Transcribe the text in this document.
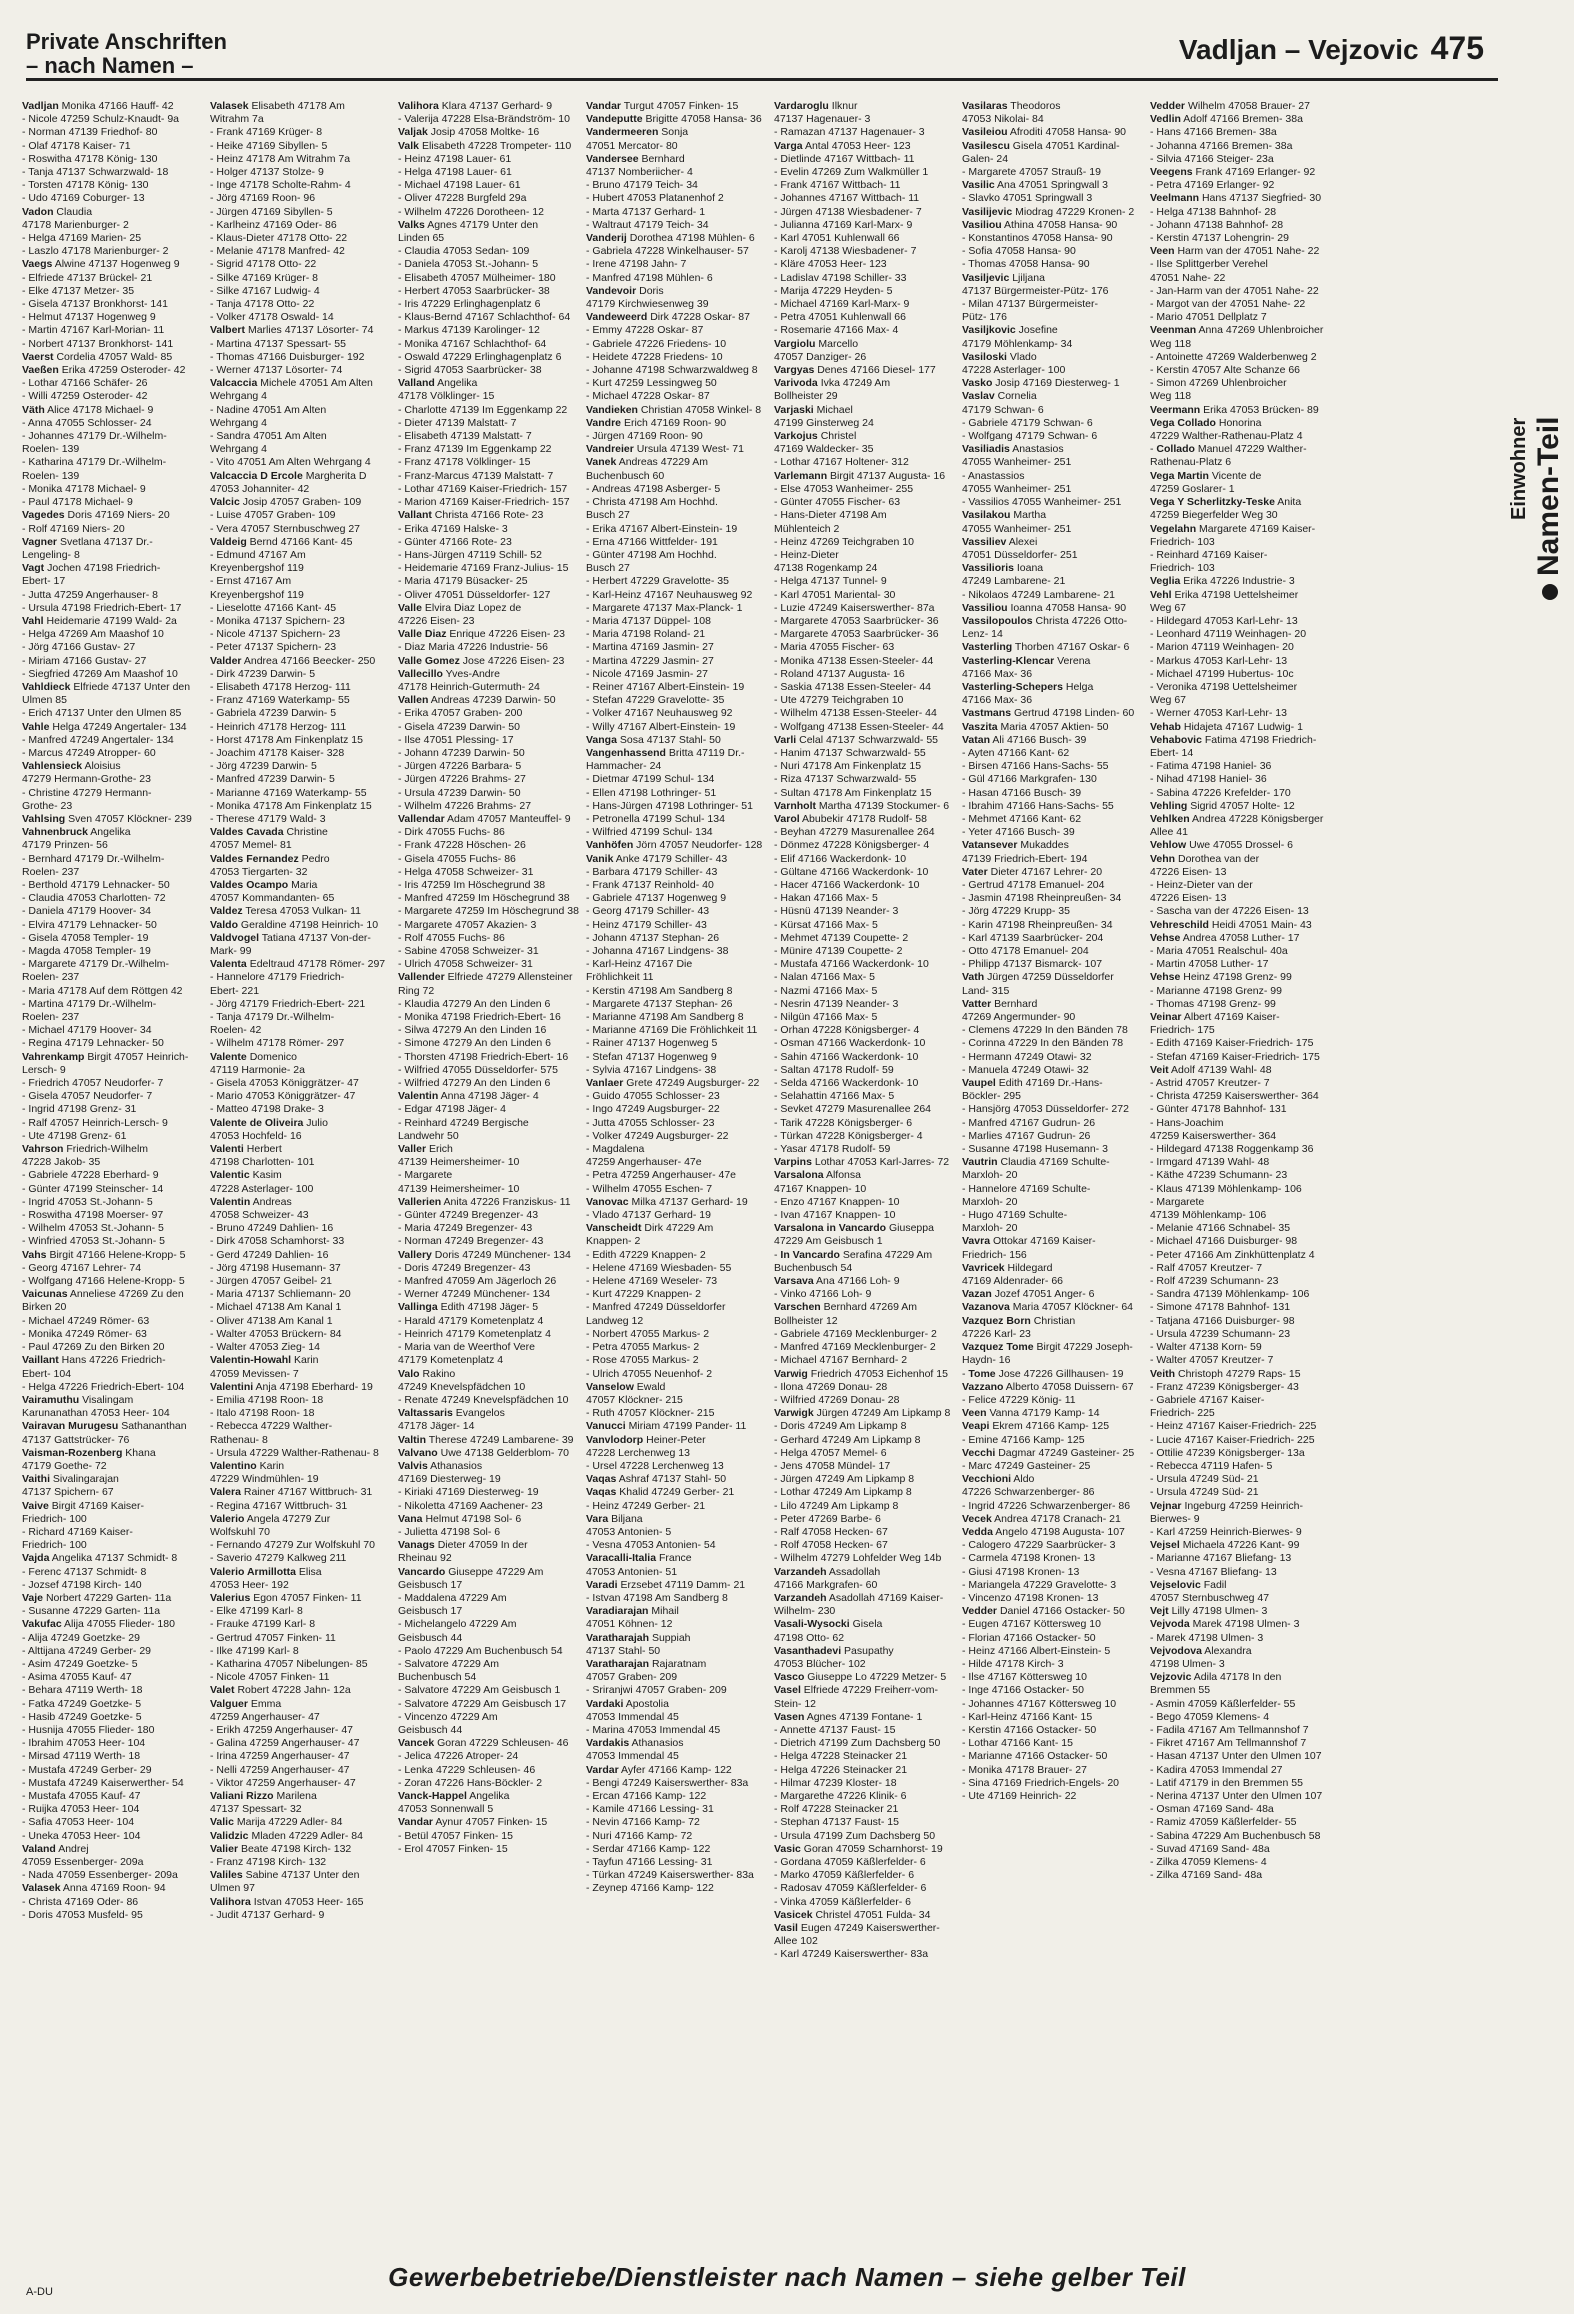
Private Anschriften
– nach Namen –
Vadljan – Vejzovic 475
Einwohner Namen-Teil
Vadljan Monika 47166 Hauff- 42
- Nicole 47259 Schulz-Knaudt- 9a
- Norman 47139 Friedhof- 80
- Olaf 47178 Kaiser- 71
- Roswitha 47178 König- 130
- Tanja 47137 Schwarzwald- 18
- Torsten 47178 König- 130
- Udo 47169 Coburger- 13
Vadon Claudia
47178 Marienburger- 2
- Helga 47169 Marien- 25
- Laszlo 47178 Marienburger- 2
Vaegs Alwine 47137 Hogenweg 9
- Elfriede 47137 Brückel- 21
- Elke 47137 Metzer- 35
- Gisela 47137 Bronkhorst- 141
- Helmut 47137 Hogenweg 9
- Martin 47167 Karl-Morian- 11
- Norbert 47137 Bronkhorst- 141
Vaerst Cordelia 47057 Wald- 85
Vaeßen Erika 47259 Osteroder- 42
- Lothar 47166 Schäfer- 26
- Willi 47259 Osteroder- 42
Väth Alice 47178 Michael- 9
- Anna 47055 Schlosser- 24
- Johannes 47179 Dr.-Wilhelm-
Roelen- 139
- Katharina 47179 Dr.-Wilhelm-
Roelen- 139
- Monika 47178 Michael- 9
- Paul 47178 Michael- 9
Vagedes Doris 47169 Niers- 20
- Rolf 47169 Niers- 20
Vagner Svetlana 47137 Dr.-
Lengeling- 8
Vagt Jochen 47198 Friedrich-
Ebert- 17
- Jutta 47259 Angerhauser- 8
- Ursula 47198 Friedrich-Ebert- 17
Vahl Heidemarie 47199 Wald- 2a
- Helga 47269 Am Maashof 10
- Jörg 47166 Gustav- 27
- Miriam 47166 Gustav- 27
- Siegfried 47269 Am Maashof 10
Vahldieck Elfriede 47137 Unter den
Ulmen 85
- Erich 47137 Unter den Ulmen 85
Vahle Helga 47249 Angertaler- 134
- Manfred 47249 Angertaler- 134
- Marcus 47249 Atropper- 60
Vahlensieck Aloisius
47279 Hermann-Grothe- 23
- Christine 47279 Hermann-
Grothe- 23
Vahlsing Sven 47057 Klöckner- 239
Vahnenbruck Angelika
47179 Prinzen- 56
- Bernhard 47179 Dr.-Wilhelm-
Roelen- 237
- Berthold 47179 Lehnacker- 50
- Claudia 47053 Charlotten- 72
- Daniela 47179 Hoover- 34
- Elvira 47179 Lehnacker- 50
- Gisela 47058 Templer- 19
- Magda 47058 Templer- 19
- Margarete 47179 Dr.-Wilhelm-
Roelen- 237
- Maria 47178 Auf dem Röttgen 42
- Martina 47179 Dr.-Wilhelm-
Roelen- 237
- Michael 47179 Hoover- 34
- Regina 47179 Lehnacker- 50
Vahrenkamp Birgit 47057 Heinrich-
Lersch- 9
- Friedrich 47057 Neudorfer- 7
- Gisela 47057 Neudorfer- 7
- Ingrid 47198 Grenz- 31
- Ralf 47057 Heinrich-Lersch- 9
- Ute 47198 Grenz- 61
Vahrson Friedrich-Wilhelm
47228 Jakob- 35
- Gabriele 47228 Eberhard- 9
- Günter 47199 Steinscher- 14
- Ingrid 47053 St.-Johann- 5
- Roswitha 47198 Moerser- 97
- Wilhelm 47053 St.-Johann- 5
- Winfried 47053 St.-Johann- 5
Vahs Birgit 47166 Helene-Kropp- 5
- Georg 47167 Lehrer- 74
- Wolfgang 47166 Helene-Kropp- 5
Vaicunas Anneliese 47269 Zu den
Birken 20
- Michael 47249 Römer- 63
- Monika 47249 Römer- 63
- Paul 47269 Zu den Birken 20
Vaillant Hans 47226 Friedrich-
Ebert- 104
- Helga 47226 Friedrich-Ebert- 104
Vairamuthu Visalingam
Karunanathan 47053 Heer- 104
Vairavan Murugesu Sathananthan
47137 Gattstrücker- 76
Vaisman-Rozenberg Khana
47179 Goethe- 72
Vaithi Sivalingarajan
47137 Spichern- 67
Vaive Birgit 47169 Kaiser-
Friedrich- 100
- Richard 47169 Kaiser-
Friedrich- 100
Vajda Angelika 47137 Schmidt- 8
- Ferenc 47137 Schmidt- 8
- Jozsef 47198 Kirch- 140
Vaje Norbert 47229 Garten- 11a
- Susanne 47229 Garten- 11a
Vakufac Alija 47055 Flieder- 180
- Alija 47249 Goetzke- 29
- Alttijana 47249 Gerber- 29
- Asim 47249 Goetzke- 5
- Asima 47055 Kauf- 47
- Behara 47119 Werth- 18
- Fatka 47249 Goetzke- 5
- Hasib 47249 Goetzke- 5
- Husnija 47055 Flieder- 180
- Ibrahim 47053 Heer- 104
- Mirsad 47119 Werth- 18
- Mustafa 47249 Gerber- 29
- Mustafa 47249 Kaiserwerther- 54
- Mustafa 47055 Kauf- 47
- Ruijka 47053 Heer- 104
- Safia 47053 Heer- 104
- Uneka 47053 Heer- 104
Valand Andrej
47059 Essenberger- 209a
- Nada 47059 Essenberger- 209a
Valasek Anna 47169 Roon- 94
- Christa 47169 Oder- 86
- Doris 47053 Musfeld- 95
Valasek Elisabeth 47178 Am
Witrahm 7a
- Frank 47169 Krüger- 8
- Heike 47169 Sibyllen- 5
- Heinz 47178 Am Witrahm 7a
- Holger 47137 Stolze- 9
- Inge 47178 Scholte-Rahm- 4
- Jörg 47169 Roon- 96
- Jürgen 47169 Sibyllen- 5
- Karlheinz 47169 Oder- 86
- Klaus-Dieter 47178 Otto- 22
- Melanie 47178 Manfred- 42
- Sigrid 47178 Otto- 22
- Silke 47169 Krüger- 8
- Silke 47167 Ludwig- 4
- Tanja 47178 Otto- 22
- Volker 47178 Oswald- 14
Valbert Marlies 47137 Lösorter- 74
- Martina 47137 Spessart- 55
- Thomas 47166 Duisburger- 192
- Werner 47137 Lösorter- 74
Valcaccia Michele 47051 Am Alten
Wehrgang 4
- Nadine 47051 Am Alten
Wehrgang 4
- Sandra 47051 Am Alten
Wehrgang 4
- Vito 47051 Am Alten Wehrgang 4
Valcaccia D Ercole Margherita D
47053 Johanniter- 42
Valcic Josip 47057 Graben- 109
- Luise 47057 Graben- 109
- Vera 47057 Sternbuschweg 27
Valdeig Bernd 47166 Kant- 45
- Edmund 47167 Am
Kreyenbergshof 119
- Ernst 47167 Am
Kreyenbergshof 119
- Lieselotte 47166 Kant- 45
- Monika 47137 Spichern- 23
- Nicole 47137 Spichern- 23
- Peter 47137 Spichern- 23
Valder Andrea 47166 Beecker- 250
- Dirk 47239 Darwin- 5
- Elisabeth 47178 Herzog- 111
- Franz 47169 Waterkamp- 55
- Gabriela 47239 Darwin- 5
- Heinrich 47178 Herzog- 111
- Horst 47178 Am Finkenplatz 15
- Joachim 47178 Kaiser- 328
- Jörg 47239 Darwin- 5
- Manfred 47239 Darwin- 5
- Marianne 47169 Waterkamp- 55
- Monika 47178 Am Finkenplatz 15
- Therese 47179 Wald- 3
Valdes Cavada Christine
47057 Memel- 81
Valdes Fernandez Pedro
47053 Tiergarten- 32
Valdes Ocampo Maria
47057 Kommandanten- 65
Valdez Teresa 47053 Vulkan- 11
Valdo Geraldine 47198 Heinrich- 10
Valdvogel Tatiana 47137 Von-der-
Mark- 99
Valenta Edeltraud 47178 Römer- 297
- Hannelore 47179 Friedrich-
Ebert- 221
- Jörg 47179 Friedrich-Ebert- 221
- Tanja 47179 Dr.-Wilhelm-
Roelen- 42
- Wilhelm 47178 Römer- 297
Valente Domenico
47119 Harmonie- 2a
- Gisela 47053 Königgrätzer- 47
- Mario 47053 Königgrätzer- 47
- Matteo 47198 Drake- 3
Valente de Oliveira Julio
47053 Hochfeld- 16
Valenti Herbert
47198 Charlotten- 101
Valentic Kasim
47228 Asterlager- 100
Valentin Andreas
47058 Schweizer- 43
- Bruno 47249 Dahlien- 16
- Dirk 47058 Schamhorst- 33
- Gerd 47249 Dahlien- 16
- Jörg 47198 Husemann- 37
- Jürgen 47057 Geibel- 21
- Maria 47137 Schliemann- 20
- Michael 47138 Am Kanal 1
- Oliver 47138 Am Kanal 1
- Walter 47053 Brückern- 84
- Walter 47053 Zieg- 14
Valentin-Howahl Karin
47059 Mevissen- 7
Valentini Anja 47198 Eberhard- 19
- Emilia 47198 Roon- 18
- Italo 47198 Roon- 18
- Rebecca 47229 Walther-
Rathenau- 8
- Ursula 47229 Walther-Rathenau- 8
Valentino Karin
47229 Windmühlen- 19
Valera Rainer 47167 Wittbruch- 31
- Regina 47167 Wittbruch- 31
Valerio Angela 47279 Zur
Wolfskuhl 70
- Fernando 47279 Zur Wolfskuhl 70
- Saverio 47279 Kalkweg 211
Valerio Armillotta Elisa
47053 Heer- 192
Valerius Egon 47057 Finken- 11
- Elke 47199 Karl- 8
- Frauke 47199 Karl- 8
- Gertrud 47057 Finken- 11
- Ilke 47199 Karl- 8
- Katharina 47057 Nibelungen- 85
- Nicole 47057 Finken- 11
Valet Robert 47228 Jahn- 12a
Valguer Emma
47259 Angerhauser- 47
- Erikh 47259 Angerhauser- 47
- Galina 47259 Angerhauser- 47
- Irina 47259 Angerhauser- 47
- Nelli 47259 Angerhauser- 47
- Viktor 47259 Angerhauser- 47
Valiani Rizzo Marilena
47137 Spessart- 32
Valic Marija 47229 Adler- 84
Validzic Mladen 47229 Adler- 84
Valier Beate 47198 Kirch- 132
- Franz 47198 Kirch- 132
Valiles Sabine 47137 Unter den
Ulmen 97
Valihora Istvan 47053 Heer- 165
- Judit 47137 Gerhard- 9
Valihora Klara 47137 Gerhard- 9
- Valerija 47228 Elsa-Brändström- 10
Valjak Josip 47058 Moltke- 16
Valk Elisabeth 47228 Trompeter- 110
- Heinz 47198 Lauer- 61
- Helga 47198 Lauer- 61
- Michael 47198 Lauer- 61
- Oliver 47228 Burgfeld 29a
- Wilhelm 47226 Dorotheen- 12
Valks Agnes 47179 Unter den
Linden 65
- Claudia 47053 Sedan- 109
- Daniela 47053 St.-Johann- 5
- Elisabeth 47057 Mülheimer- 180
- Herbert 47053 Saarbrücker- 38
- Iris 47229 Erlinghagenplatz 6
- Klaus-Bernd 47167 Schlachthof- 64
- Markus 47139 Karolinger- 12
- Monika 47167 Schlachthof- 64
- Oswald 47229 Erlinghagenplatz 6
- Sigrid 47053 Saarbrücker- 38
Valland Angelika
47178 Völklinger- 15
- Charlotte 47139 Im Eggenkamp 22
- Dieter 47139 Malstatt- 7
- Elisabeth 47139 Malstatt- 7
- Franz 47139 Im Eggenkamp 22
- Franz 47178 Völklinger- 15
- Franz-Marcus 47139 Malstatt- 7
- Lothar 47169 Kaiser-Friedrich- 157
- Marion 47169 Kaiser-Friedrich- 157
Vallant Christa 47166 Rote- 23
- Erika 47169 Halske- 3
- Günter 47166 Rote- 23
- Hans-Jürgen 47119 Schill- 52
- Heidemarie 47169 Franz-Julius- 15
- Maria 47179 Büsacker- 25
- Oliver 47051 Düsseldorfer- 127
Valle Elvira Diaz Lopez de
47226 Eisen- 23
Valle Diaz Enrique 47226 Eisen- 23
- Diaz Maria 47226 Industrie- 56
Valle Gomez Jose 47226 Eisen- 23
Vallecillo Yves-Andre
47178 Heinrich-Gutermuth- 24
Vallen Andreas 47239 Darwin- 50
- Erika 47057 Graben- 200
- Gisela 47239 Darwin- 50
- Ilse 47051 Plessing- 17
- Johann 47239 Darwin- 50
- Jürgen 47226 Barbara- 5
- Jürgen 47226 Brahms- 27
- Ursula 47239 Darwin- 50
- Wilhelm 47226 Brahms- 27
Vallendar Adam 47057 Manteuffel- 9
- Dirk 47055 Fuchs- 86
- Frank 47228 Höschen- 26
- Gisela 47055 Fuchs- 86
- Helga 47058 Schweizer- 31
- Iris 47259 Im Höschegrund 38
- Manfred 47259 Im Höschegrund 38
- Margarete 47259 Im Höschegrund 38
- Margarete 47057 Akazien- 3
- Rolf 47055 Fuchs- 86
- Sabine 47058 Schweizer- 31
- Ulrich 47058 Schweizer- 31
Vallender Elfriede 47279 Allensteiner
Ring 72
- Klaudia 47279 An den Linden 6
- Monika 47198 Friedrich-Ebert- 16
- Silwa 47279 An den Linden 16
- Simone 47279 An den Linden 6
- Thorsten 47198 Friedrich-Ebert- 16
- Wilfried 47055 Düsseldorfer- 575
- Wilfried 47279 An den Linden 6
Valentin Anna 47198 Jäger- 4
- Edgar 47198 Jäger- 4
- Reinhard 47249 Bergische
Landwehr 50
Valler Erich
47139 Heimersheimer- 10
- Margarete
47139 Heimersheimer- 10
Vallerien Anita 47226 Franziskus- 11
- Günter 47249 Bregenzer- 43
- Maria 47249 Bregenzer- 43
- Norman 47249 Bregenzer- 43
Vallery Doris 47249 Münchener- 134
- Doris 47249 Bregenzer- 43
- Manfred 47059 Am Jägerloch 26
- Werner 47249 Münchener- 134
Vallinga Edith 47198 Jäger- 5
- Harald 47179 Kometenplatz 4
- Heinrich 47179 Kometenplatz 4
- Maria van de Weerthof Vere
47179 Kometenplatz 4
Valo Rakino
47249 Knevelspfädchen 10
- Renate 47249 Knevelspfädchen 10
Valtassaris Evangelos
47178 Jäger- 14
Valtin Therese 47249 Lambarene- 39
Valvano Uwe 47138 Gelderblom- 70
Valvis Athanasios
47169 Diesterweg- 19
- Kiriaki 47169 Diesterweg- 19
- Nikoletta 47169 Aachener- 23
Vana Helmut 47198 Sol- 6
- Julietta 47198 Sol- 6
Vanags Dieter 47059 In der
Rheinau 92
Vancardo Giuseppe 47229 Am
Geisbusch 17
- Maddalena 47229 Am
Geisbusch 17
- Michelangelo 47229 Am
Geisbusch 44
- Paolo 47229 Am Buchenbusch 54
- Salvatore 47229 Am
Buchenbusch 54
- Salvatore 47229 Am Geisbusch 1
- Salvatore 47229 Am Geisbusch 17
- Vincenzo 47229 Am
Geisbusch 44
Vancek Goran 47229 Schleusen- 46
- Jelica 47226 Atroper- 24
- Lenka 47229 Schleusen- 46
- Zoran 47226 Hans-Böckler- 2
Vanck-Happel Angelika
47053 Sonnenwall 5
Vandar Aynur 47057 Finken- 15
- Betül 47057 Finken- 15
- Erol 47057 Finken- 15
Vandar Turgut 47057 Finken- 15
Vandeputte Brigitte 47058 Hansa- 36
Vandermeeren Sonja
47051 Mercator- 80
Vandersee Bernhard
47137 Nomberiicher- 4
- Bruno 47179 Teich- 34
- Hubert 47053 Platanenhof 2
- Marta 47137 Gerhard- 1
- Waltraut 47179 Teich- 34
Vanderij Dorothea 47198 Mühlen- 6
- Gabriela 47228 Winkelhauser- 57
- Irene 47198 Jahn- 7
- Manfred 47198 Mühlen- 6
Vandevoir Doris
47179 Kirchwiesenweg 39
Vandeweerd Dirk 47228 Oskar- 87
- Emmy 47228 Oskar- 87
- Gabriele 47226 Friedens- 10
- Heidete 47228 Friedens- 10
- Johanne 47198 Schwarzwaldweg 8
- Kurt 47259 Lessingweg 50
- Michael 47228 Oskar- 87
Vandieken Christian 47058 Winkel- 8
Vandre Erich 47169 Roon- 90
- Jürgen 47169 Roon- 90
Vandreier Ursula 47139 West- 71
Vanek Andreas 47229 Am
Buchenbusch 60
- Andreas 47198 Asberger- 5
- Christa 47198 Am Hochhd.
Busch 27
- Erika 47167 Albert-Einstein- 19
- Erna 47166 Wittfelder- 191
- Günter 47198 Am Hochhd.
Busch 27
- Herbert 47229 Gravelotte- 35
- Karl-Heinz 47167 Neuhausweg 92
- Margarete 47137 Max-Planck- 1
- Maria 47137 Düppel- 108
- Maria 47198 Roland- 21
- Martina 47169 Jasmin- 27
- Martina 47229 Jasmin- 27
- Nicole 47169 Jasmin- 27
- Reiner 47167 Albert-Einstein- 19
- Stefan 47229 Gravelotte- 35
- Volker 47167 Neuhausweg 92
- Willy 47167 Albert-Einstein- 19
Vanga Sosa 47137 Stahl- 50
Vangenhassend Britta 47119 Dr.-
Hammacher- 24
- Dietmar 47199 Schul- 134
- Ellen 47198 Lothringer- 51
- Hans-Jürgen 47198 Lothringer- 51
- Petronella 47199 Schul- 134
- Wilfried 47199 Schul- 134
Vanhöfen Jörn 47057 Neudorfer- 128
Vanik Anke 47179 Schiller- 43
- Barbara 47179 Schiller- 43
- Frank 47137 Reinhold- 40
- Gabriele 47137 Hogenweg 9
- Georg 47179 Schiller- 43
- Heinz 47179 Schiller- 43
- Johann 47137 Stephan- 26
- Johanna 47167 Lindgens- 38
- Karl-Heinz 47167 Die
Fröhlichkeit 11
- Kerstin 47198 Am Sandberg 8
- Margarete 47137 Stephan- 26
- Marianne 47198 Am Sandberg 8
- Marianne 47169 Die Fröhlichkeit 11
- Rainer 47137 Hogenweg 5
- Stefan 47137 Hogenweg 9
- Sylvia 47167 Lindgens- 38
Vanlaer Grete 47249 Augsburger- 22
- Guido 47055 Schlosser- 23
- Ingo 47249 Augsburger- 22
- Jutta 47055 Schlosser- 23
- Volker 47249 Augsburger- 22
- Magdalena
47259 Angerhauser- 47e
- Petra 47259 Angerhauser- 47e
- Wilhelm 47055 Eschen- 7
Vanovac Milka 47137 Gerhard- 19
- Vlado 47137 Gerhard- 19
Vanscheidt Dirk 47229 Am
Knappen- 2
- Edith 47229 Knappen- 2
- Helene 47169 Wiesbaden- 55
- Helene 47169 Weseler- 73
- Kurt 47229 Knappen- 2
- Manfred 47249 Düsseldorfer
Landweg 12
- Norbert 47055 Markus- 2
- Petra 47055 Markus- 2
- Rose 47055 Markus- 2
- Ulrich 47055 Neuenhof- 2
Vanselow Ewald
47057 Klöckner- 215
- Ruth 47057 Klöckner- 215
Vanucci Miriam 47199 Pander- 11
Vanvlodorp Heiner-Peter
47228 Lerchenweg 13
- Ursel 47228 Lerchenweg 13
Vaqas Ashraf 47137 Stahl- 50
Vaqas Khalid 47249 Gerber- 21
- Heinz 47249 Gerber- 21
Vara Biljana
47053 Antonien- 5
- Vesna 47053 Antonien- 54
Varacalli-Italia France
47053 Antonien- 51
Varadi Erzsebet 47119 Damm- 21
- Istvan 47198 Am Sandberg 8
Varadiarajan Mihail
47051 Köhnen- 12
Varatharajah Suppiah
47137 Stahl- 50
Varatharajan Rajaratnam
47057 Graben- 209
- Sriranjwi 47057 Graben- 209
Vardaki Apostolia
47053 Immendal 45
- Marina 47053 Immendal 45
Vardakis Athanasios
47053 Immendal 45
Vardar Ayfer 47166 Kamp- 122
- Bengi 47249 Kaiserswerther- 83a
- Ercan 47166 Kamp- 122
- Kamile 47166 Lessing- 31
- Nevin 47166 Kamp- 72
- Nuri 47166 Kamp- 72
- Serdar 47166 Kamp- 122
- Tayfun 47166 Lessing- 31
- Türkan 47249 Kaiserswerther- 83a
- Zeynep 47166 Kamp- 122
Vardaroglu Ilknur
47137 Hagenauer- 3
- Ramazan 47137 Hagenauer- 3
Varga Antal 47053 Heer- 123
- Dietlinde 47167 Wittbach- 11
- Evelin 47269 Zum Walkmüller 1
- Frank 47167 Wittbach- 11
- Johannes 47167 Wittbach- 11
- Jürgen 47138 Wiesbadener- 7
- Julianna 47169 Karl-Marx- 9
- Karl 47051 Kuhlenwall 66
- Karolj 47138 Wiesbadener- 7
- Kläre 47053 Heer- 123
- Ladislav 47198 Schiller- 33
- Marija 47229 Heyden- 5
- Michael 47169 Karl-Marx- 9
- Petra 47051 Kuhlenwall 66
- Rosemarie 47166 Max- 4
Vargiolu Marcello
47057 Danziger- 26
Vargyas Denes 47166 Diesel- 177
Varivoda Ivka 47249 Am
Bollheister 29
Varjaski Michael
47199 Ginsterweg 24
Varkojus Christel
47169 Waldecker- 35
- Lothar 47167 Holtener- 312
Varlemann Birgit 47137 Augusta- 16
- Else 47053 Wanheimer- 255
- Günter 47055 Fischer- 63
- Hans-Dieter 47198 Am
Mühlenteich 2
- Heinz 47269 Teichgraben 10
- Heinz-Dieter
47138 Rogenkamp 24
- Helga 47137 Tunnel- 9
- Karl 47051 Mariental- 30
- Luzie 47249 Kaiserswerther- 87a
- Margarete 47053 Saarbrücker- 36
- Margarete 47053 Saarbrücker- 36
- Maria 47055 Fischer- 63
- Monika 47138 Essen-Steeler- 44
- Roland 47137 Augusta- 16
- Saskia 47138 Essen-Steeler- 44
- Ute 47279 Teichgraben 10
- Wilhelm 47138 Essen-Steeler- 44
- Wolfgang 47138 Essen-Steeler- 44
Varli Celal 47137 Schwarzwald- 55
- Hanim 47137 Schwarzwald- 55
- Nuri 47178 Am Finkenplatz 15
- Riza 47137 Schwarzwald- 55
- Sultan 47178 Am Finkenplatz 15
Varnholt Martha 47139 Stockumer- 6
Varol Abubekir 47178 Rudolf- 58
- Beyhan 47279 Masurenallee 264
- Dönmez 47228 Königsberger- 4
- Elif 47166 Wackerdonk- 10
- Gültane 47166 Wackerdonk- 10
- Hacer 47166 Wackerdonk- 10
- Hakan 47166 Max- 5
- Hüsnü 47139 Neander- 3
- Kürsat 47166 Max- 5
- Mehmet 47139 Coupette- 2
- Münire 47139 Coupette- 2
- Mustafa 47166 Wackerdonk- 10
- Nalan 47166 Max- 5
- Nazmi 47166 Max- 5
- Nesrin 47139 Neander- 3
- Nilgün 47166 Max- 5
- Orhan 47228 Königsberger- 4
- Osman 47166 Wackerdonk- 10
- Sahin 47166 Wackerdonk- 10
- Saltan 47178 Rudolf- 59
- Selda 47166 Wackerdonk- 10
- Selahattin 47166 Max- 5
- Sevket 47279 Masurenallee 264
- Tarik 47228 Königsberger- 6
- Türkan 47228 Königsberger- 4
- Yasar 47178 Rudolf- 59
Varpins Lothar 47053 Karl-Jarres- 72
Varsalona Alfonsa
47167 Knappen- 10
- Enzo 47167 Knappen- 10
- Ivan 47167 Knappen- 10
Varsalona in Vancardo Giuseppa
47229 Am Geisbusch 1
- In Vancardo Serafina 47229 Am
Buchenbusch 54
Varsava Ana 47166 Loh- 9
- Vinko 47166 Loh- 9
Varschen Bernhard 47269 Am
Bollheister 12
- Gabriele 47169 Mecklenburger- 2
- Manfred 47169 Mecklenburger- 2
- Michael 47167 Bernhard- 2
Varwig Friedrich 47053 Eichenhof 15
- Ilona 47269 Donau- 28
- Wilfried 47269 Donau- 28
Varwigk Jürgen 47249 Am Lipkamp 8
- Doris 47249 Am Lipkamp 8
- Gerhard 47249 Am Lipkamp 8
- Helga 47057 Memel- 6
- Jens 47058 Mündel- 17
- Jürgen 47249 Am Lipkamp 8
- Lothar 47249 Am Lipkamp 8
- Lilo 47249 Am Lipkamp 8
- Peter 47269 Barbe- 6
- Ralf 47058 Hecken- 67
- Rolf 47058 Hecken- 67
- Wilhelm 47279 Lohfelder Weg 14b
Varzandeh Assadollah
47166 Markgrafen- 60
Varzandeh Asadollah 47169 Kaiser-
Wilhelm- 230
Vasali-Wysocki Gisela
47198 Otto- 62
Vasanthadevi Pasupathy
47053 Blücher- 102
Vasco Giuseppe Lo 47229 Metzer- 5
Vasel Elfriede 47229 Freiherr-vom-
Stein- 12
Vasen Agnes 47139 Fontane- 1
- Annette 47137 Faust- 15
- Dietrich 47199 Zum Dachsberg 50
- Helga 47228 Steinacker 21
- Helga 47226 Steinacker 21
- Hilmar 47239 Kloster- 18
- Margarethe 47226 Klinik- 6
- Rolf 47228 Steinacker 21
- Stephan 47137 Faust- 15
- Ursula 47199 Zum Dachsberg 50
Vasic Goran 47059 Scharnhorst- 19
- Gordana 47059 Käßlerfelder- 6
- Marko 47059 Käßlerfelder- 6
- Radosav 47059 Käßlerfelder- 6
- Vinka 47059 Käßlerfelder- 6
Vasicek Christel 47051 Fulda- 34
Vasil Eugen 47249 Kaiserswerther-
Allee 102
- Karl 47249 Kaiserswerther- 83a
Vasilaras Theodoros
47053 Nikolai- 84
Vasileiou Afroditi 47058 Hansa- 90
Vasilescu Gisela 47051 Kardinal-
Galen- 24
- Margarete 47057 Strauß- 19
Vasilic Ana 47051 Springwall 3
- Slavko 47051 Springwall 3
Vasilijevic Miodrag 47229 Kronen- 2
Vasiliou Athina 47058 Hansa- 90
- Konstantinos 47058 Hansa- 90
- Sofia 47058 Hansa- 90
- Thomas 47058 Hansa- 90
Vasiljevic Ljiljana
47137 Bürgermeister-Pütz- 176
- Milan 47137 Bürgermeister-
Pütz- 176
Vasiljkovic Josefine
47179 Möhlenkamp- 34
Vasiloski Vlado
47228 Asterlager- 100
Vasko Josip 47169 Diesterweg- 1
Vaslav Cornelia
47179 Schwan- 6
- Gabriele 47179 Schwan- 6
- Wolfgang 47179 Schwan- 6
Vasiliadis Anastasios
47055 Wanheimer- 251
- Anastassios
47055 Wanheimer- 251
- Vassilios 47055 Wanheimer- 251
Vasilakou Martha
47055 Wanheimer- 251
Vassiliev Alexei
47051 Düsseldorfer- 251
Vassilioris Ioana
47249 Lambarene- 21
- Nikolaos 47249 Lambarene- 21
Vassiliou Ioanna 47058 Hansa- 90
Vassilopoulos Christa 47226 Otto-
Lenz- 14
Vasterling Thorben 47167 Oskar- 6
Vasterling-Klencar Verena
47166 Max- 36
Vasterling-Schepers Helga
47166 Max- 36
Vastmans Gertrud 47198 Linden- 60
Vaszita Maria 47057 Aktien- 50
Vatan Ali 47166 Busch- 39
- Ayten 47166 Kant- 62
- Birsen 47166 Hans-Sachs- 55
- Gül 47166 Markgrafen- 130
- Hasan 47166 Busch- 39
- Ibrahim 47166 Hans-Sachs- 55
- Mehmet 47166 Kant- 62
- Yeter 47166 Busch- 39
Vatansever Mukaddes
47139 Friedrich-Ebert- 194
Vater Dieter 47167 Lehrer- 20
- Gertrud 47178 Emanuel- 204
- Jasmin 47198 Rheinpreußen- 34
- Jörg 47229 Krupp- 35
- Karin 47198 Rheinpreußen- 34
- Karl 47139 Saarbrücker- 204
- Otto 47178 Emanuel- 204
- Philipp 47137 Bismarck- 107
Vath Jürgen 47259 Düsseldorfer
Land- 315
Vatter Bernhard
47269 Angermunder- 90
- Clemens 47229 In den Bänden 78
- Corinna 47229 In den Bänden 78
- Hermann 47249 Otawi- 32
- Manuela 47249 Otawi- 32
Vaupel Edith 47169 Dr.-Hans-
Böckler- 295
- Hansjörg 47053 Düsseldorfer- 272
- Manfred 47167 Gudrun- 26
- Marlies 47167 Gudrun- 26
- Susanne 47198 Husemann- 3
Vautrin Claudia 47169 Schulte-
Marxloh- 20
- Hannelore 47169 Schulte-
Marxloh- 20
- Hugo 47169 Schulte-
Marxloh- 20
Vavra Ottokar 47169 Kaiser-
Friedrich- 156
Vavricek Hildegard
47169 Aldenrader- 66
Vazan Jozef 47051 Anger- 6
Vazanova Maria 47057 Klöckner- 64
Vazquez Born Christian
47226 Karl- 23
Vazquez Tome Birgit 47229 Joseph-
Haydn- 16
- Tome Jose 47226 Gillhausen- 19
Vazzano Alberto 47058 Duissern- 67
- Felice 47229 König- 11
Veen Vanna 47179 Kamp- 14
Veapi Ekrem 47166 Kamp- 125
- Emine 47166 Kamp- 125
Vecchi Dagmar 47249 Gasteiner- 25
- Marc 47249 Gasteiner- 25
Vecchioni Aldo
47226 Schwarzenberger- 86
- Ingrid 47226 Schwarzenberger- 86
Vecek Andrea 47178 Cranach- 21
Vedda Angelo 47198 Augusta- 107
- Calogero 47229 Saarbrücker- 3
- Carmela 47198 Kronen- 13
- Giusi 47198 Kronen- 13
- Mariangela 47229 Gravelotte- 3
- Vincenzo 47198 Kronen- 13
Vedder Daniel 47166 Ostacker- 50
- Eugen 47167 Köttersweg 10
- Florian 47166 Ostacker- 50
- Heinz 47166 Albert-Einstein- 5
- Hilde 47178 Kirch- 3
- Ilse 47167 Köttersweg 10
- Inge 47166 Ostacker- 50
- Johannes 47167 Köttersweg 10
- Karl-Heinz 47166 Kant- 15
- Kerstin 47166 Ostacker- 50
- Lothar 47166 Kant- 15
- Marianne 47166 Ostacker- 50
- Monika 47178 Brauer- 27
- Sina 47169 Friedrich-Engels- 20
- Ute 47169 Heinrich- 22
Vedder Wilhelm 47058 Brauer- 27
Vedlin Adolf 47166 Bremen- 38a
- Hans 47166 Bremen- 38a
- Johanna 47166 Bremen- 38a
- Silvia 47166 Steiger- 23a
Veegens Frank 47169 Erlanger- 92
- Petra 47169 Erlanger- 92
Veelmann Hans 47137 Siegfried- 30
- Helga 47138 Bahnhof- 28
- Johann 47138 Bahnhof- 28
- Kerstin 47137 Lohengrin- 29
Veen Harm van der 47051 Nahe- 22
- Ilse Splittgerber Verehel
47051 Nahe- 22
- Jan-Harm van der 47051 Nahe- 22
- Margot van der 47051 Nahe- 22
- Mario 47051 Dellplatz 7
Veenman Anna 47269 Uhlenbroicher
Weg 118
- Antoinette 47269 Walderbenweg 2
- Kerstin 47057 Alte Schanze 66
- Simon 47269 Uhlenbroicher
Weg 118
Veermann Erika 47053 Brücken- 89
Vega Collado Honorina
47229 Walther-Rathenau-Platz 4
- Collado Manuel 47229 Walther-
Rathenau-Platz 6
Vega Martin Vicente de
47259 Goslarer- 1
Vega Y Scherlitzky-Teske Anita
47259 Biegerfelder Weg 30
Vegelahn Margarete 47169 Kaiser-
Friedrich- 103
- Reinhard 47169 Kaiser-
Friedrich- 103
Veglia Erika 47226 Industrie- 3
Vehl Erika 47198 Uettelsheimer
Weg 67
- Hildegard 47053 Karl-Lehr- 13
- Leonhard 47119 Weinhagen- 20
- Marion 47119 Weinhagen- 20
- Markus 47053 Karl-Lehr- 13
- Michael 47199 Hubertus- 10c
- Veronika 47198 Uettelsheimer
Weg 67
- Werner 47053 Karl-Lehr- 13
Vehab Hidajeta 47167 Ludwig- 1
Vehabovic Fatima 47198 Friedrich-
Ebert- 14
- Fatima 47198 Haniel- 36
- Nihad 47198 Haniel- 36
- Sabina 47226 Krefelder- 170
Vehling Sigrid 47057 Holte- 12
Vehlken Andrea 47228 Königsberger
Allee 41
Vehlow Uwe 47055 Drossel- 6
Vehn Dorothea van der
47226 Eisen- 13
- Heinz-Dieter van der
47226 Eisen- 13
- Sascha van der 47226 Eisen- 13
Vehreschild Heidi 47051 Main- 43
Vehse Andrea 47058 Luther- 17
- Maria 47051 Realschul- 40a
- Martin 47058 Luther- 17
Vehse Heinz 47198 Grenz- 99
- Marianne 47198 Grenz- 99
- Thomas 47198 Grenz- 99
Veinar Albert 47169 Kaiser-
Friedrich- 175
- Edith 47169 Kaiser-Friedrich- 175
- Stefan 47169 Kaiser-Friedrich- 175
Veit Adolf 47139 Wahl- 48
- Astrid 47057 Kreutzer- 7
- Christa 47259 Kaiserswerther- 364
- Günter 47178 Bahnhof- 131
- Hans-Joachim
47259 Kaiserswerther- 364
- Hildegard 47138 Roggenkamp 36
- Irmgard 47139 Wahl- 48
- Käthe 47239 Schumann- 23
- Klaus 47139 Möhlenkamp- 106
- Margarete
47139 Möhlenkamp- 106
- Melanie 47166 Schnabel- 35
- Michael 47166 Duisburger- 98
- Peter 47166 Am Zinkhüttenplatz 4
- Ralf 47057 Kreutzer- 7
- Rolf 47239 Schumann- 23
- Sandra 47139 Möhlenkamp- 106
- Simone 47178 Bahnhof- 131
- Tatjana 47166 Duisburger- 98
- Ursula 47239 Schumann- 23
- Walter 47138 Korn- 59
- Walter 47057 Kreutzer- 7
Veith Christoph 47279 Raps- 15
- Franz 47239 Königsberger- 43
- Gabriele 47167 Kaiser-
Friedrich- 225
- Heinz 47167 Kaiser-Friedrich- 225
- Lucie 47167 Kaiser-Friedrich- 225
- Ottilie 47239 Königsberger- 13a
- Rebecca 47119 Hafen- 5
- Ursula 47249 Süd- 21
- Ursula 47249 Süd- 21
Vejnar Ingeburg 47259 Heinrich-
Bierwes- 9
- Karl 47259 Heinrich-Bierwes- 9
Vejsel Michaela 47226 Kant- 99
- Marianne 47167 Bliefang- 13
- Vesna 47167 Bliefang- 13
Vejselovic Fadil
47057 Sternbuschweg 47
Vejt Lilly 47198 Ulmen- 3
Vejvoda Marek 47198 Ulmen- 3
- Marek 47198 Ulmen- 3
Vejvodova Alexandra
47198 Ulmen- 3
Vejzovic Adila 47178 In den
Bremmen 55
- Asmin 47059 Käßlerfelder- 55
- Bego 47059 Klemens- 4
- Fadila 47167 Am Tellmannshof 7
- Fikret 47167 Am Tellmannshof 7
- Hasan 47137 Unter den Ulmen 107
- Kadira 47053 Immendal 27
- Latif 47179 in den Bremmen 55
- Nerina 47137 Unter den Ulmen 107
- Osman 47169 Sand- 48a
- Ramiz 47059 Käßlerfelder- 55
- Sabina 47229 Am Buchenbusch 58
- Suvad 47169 Sand- 48a
- Zilka 47059 Klemens- 4
- Zilka 47169 Sand- 48a
Gewerbebetriebe/Dienstleister nach Namen – siehe gelber Teil
A-DU
